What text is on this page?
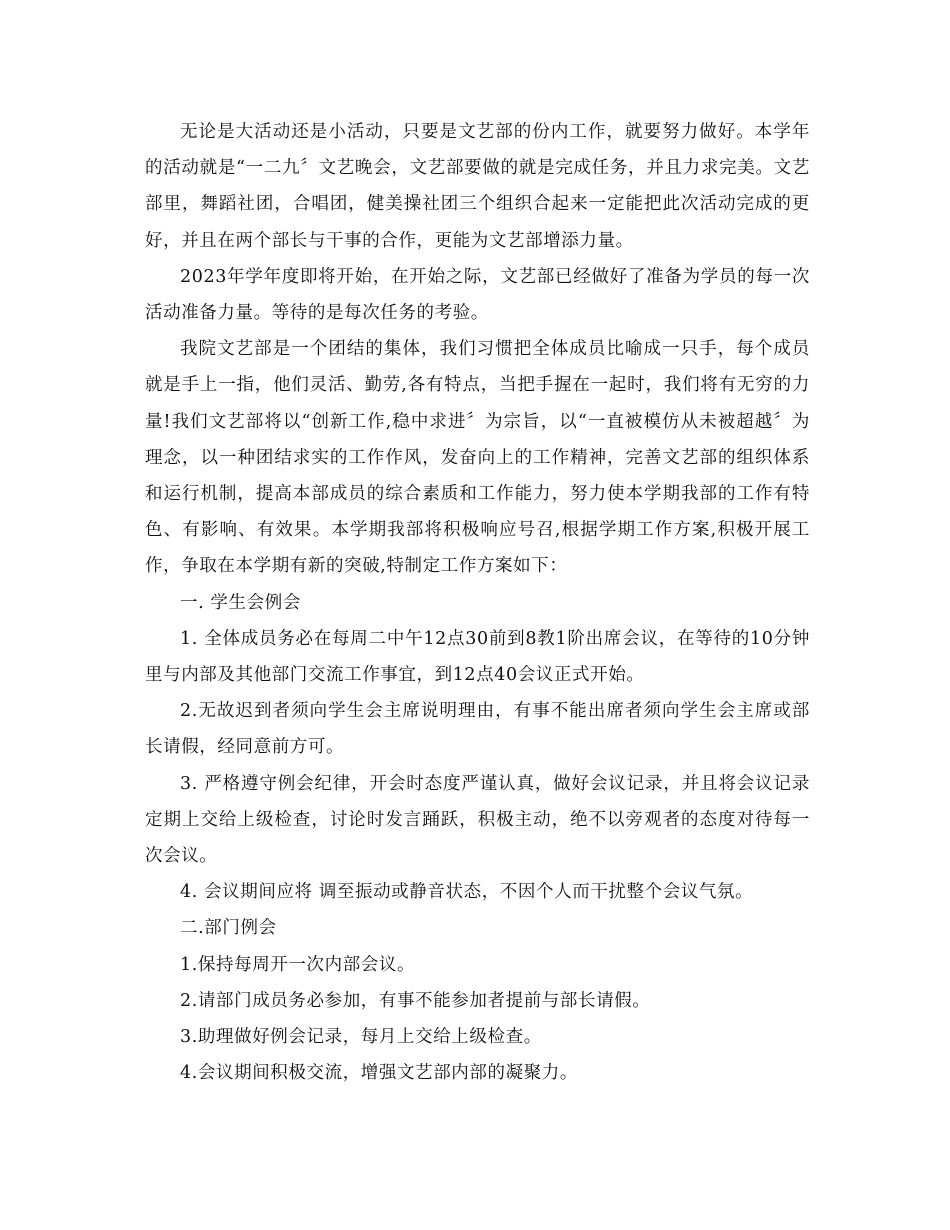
无论是大活动还是小活动，只要是文艺部的份内工作，就要努力做好。本学年的活动就是“一二九〞文艺晚会，文艺部要做的就是完成任务，并且力求完美。文艺部里，舞蹈社团，合唱团，健美操社团三个组织合起来一定能把此次活动完成的更好，并且在两个部长与干事的合作，更能为文艺部增添力量。

2023年学年度即将开始，在开始之际，文艺部已经做好了准备为学员的每一次活动准备力量。等待的是每次任务的考验。

我院文艺部是一个团结的集体，我们习惯把全体成员比喻成一只手，每个成员就是手上一指，他们灵活、勤劳,各有特点，当把手握在一起时，我们将有无穷的力量!我们文艺部将以“创新工作,稳中求进〞为宗旨，以“一直被模仿从未被超越〞为理念，以一种团结求实的工作作风，发奋向上的工作精神，完善文艺部的组织体系和运行机制，提高本部成员的综合素质和工作能力，努力使本学期我部的工作有特色、有影响、有效果。本学期我部将积极响应号召,根据学期工作方案,积极开展工作，争取在本学期有新的突破,特制定工作方案如下：

一. 学生会例会

1. 全体成员务必在每周二中午12点30前到8教1阶出席会议，在等待的10分钟里与内部及其他部门交流工作事宜，到12点40会议正式开始。

2.无故迟到者须向学生会主席说明理由，有事不能出席者须向学生会主席或部长请假，经同意前方可。

3. 严格遵守例会纪律，开会时态度严谨认真，做好会议记录，并且将会议记录定期上交给上级检查，讨论时发言踊跃，积极主动，绝不以旁观者的态度对待每一次会议。

4. 会议期间应将 调至振动或静音状态，不因个人而干扰整个会议气氛。

二.部门例会

1.保持每周开一次内部会议。

2.请部门成员务必参加，有事不能参加者提前与部长请假。

3.助理做好例会记录，每月上交给上级检查。

4.会议期间积极交流，增强文艺部内部的凝聚力。
